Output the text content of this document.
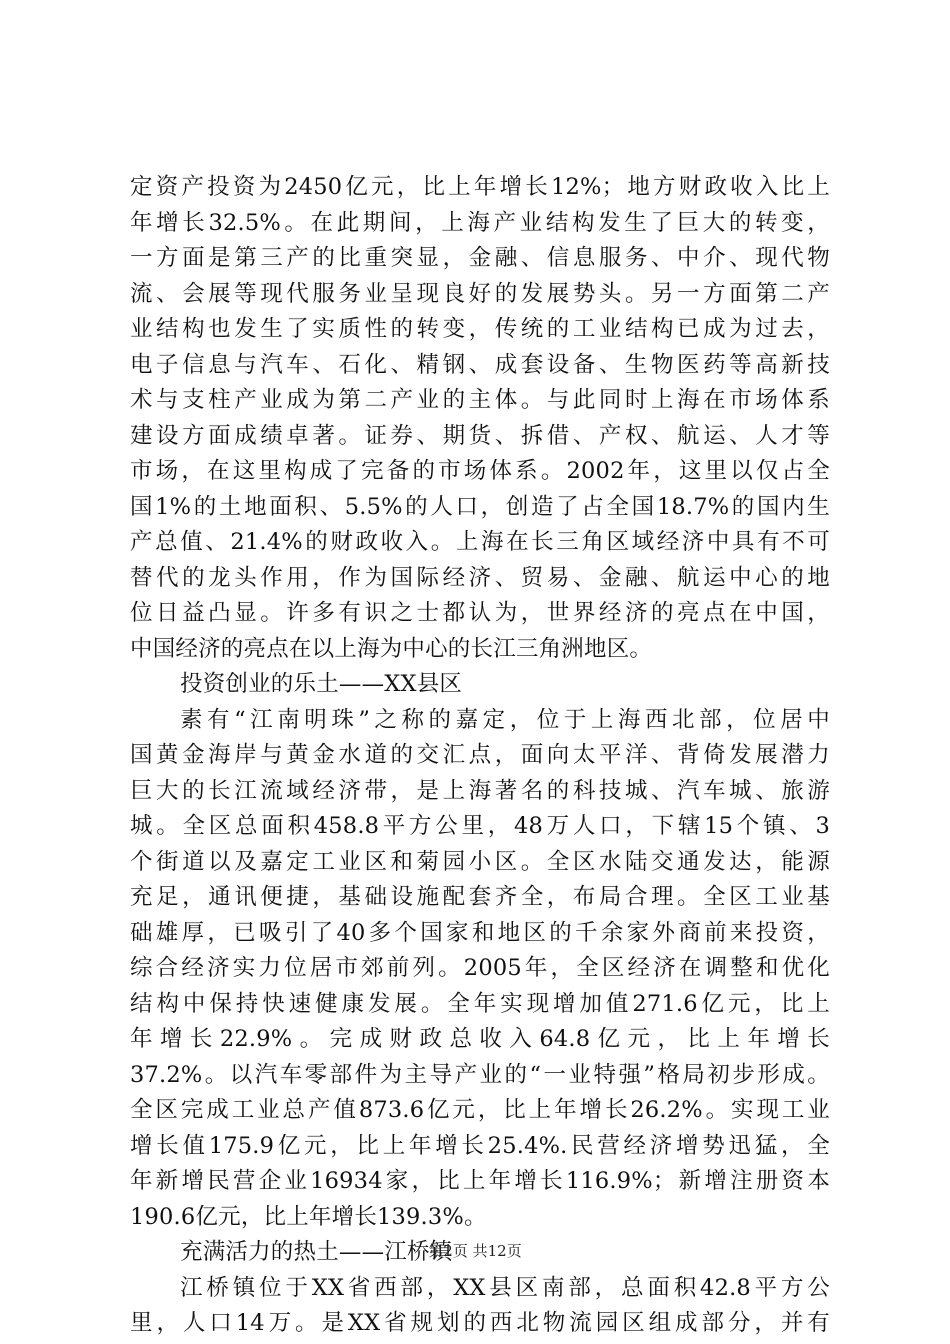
定资产投资为2450亿元，比上年增长12%；地方财政收入比上
年增长32.5%。在此期间，上海产业结构发生了巨大的转变，
一方面是第三产的比重突显，金融、信息服务、中介、现代物
流、会展等现代服务业呈现良好的发展势头。另一方面第二产
业结构也发生了实质性的转变，传统的工业结构已成为过去，
电子信息与汽车、石化、精钢、成套设备、生物医药等高新技
术与支柱产业成为第二产业的主体。与此同时上海在市场体系
建设方面成绩卓著。证券、期货、拆借、产权、航运、人才等
市场，在这里构成了完备的市场体系。2002年，这里以仅占全
国1%的土地面积、5.5%的人口，创造了占全国18.7%的国内生
产总值、21.4%的财政收入。上海在长三角区域经济中具有不可
替代的龙头作用，作为国际经济、贸易、金融、航运中心的地
位日益凸显。许多有识之士都认为，世界经济的亮点在中国，
中国经济的亮点在以上海为中心的长江三角洲地区。
投资创业的乐土——XX县区
素有“江南明珠”之称的嘉定，位于上海西北部，位居中
国黄金海岸与黄金水道的交汇点，面向太平洋、背倚发展潜力
巨大的长江流域经济带，是上海著名的科技城、汽车城、旅游
城。全区总面积458.8平方公里，48万人口，下辖15个镇、3
个街道以及嘉定工业区和菊园小区。全区水陆交通发达，能源
充足，通讯便捷，基础设施配套齐全，布局合理。全区工业基
础雄厚，已吸引了40多个国家和地区的千余家外商前来投资，
综合经济实力位居市郊前列。2005年，全区经济在调整和优化
结构中保持快速健康发展。全年实现增加值271.6亿元，比上
年增长22.9%。完成财政总收入64.8亿元，比上年增长
37.2%。以汽车零部件为主导产业的“一业特强”格局初步形成。
全区完成工业总产值873.6亿元，比上年增长26.2%。实现工业
增长值175.9亿元，比上年增长25.4%.民营经济增势迅猛，全
年新增民营企业16934家，比上年增长116.9%；新增注册资本
190.6亿元，比上年增长139.3%。
充满活力的热土——江桥镇
江桥镇位于XX省西部，XX县区南部，总面积42.8平方公
里，人口14万。是XX省规划的西北物流园区组成部分，并有
第2页 共12页
